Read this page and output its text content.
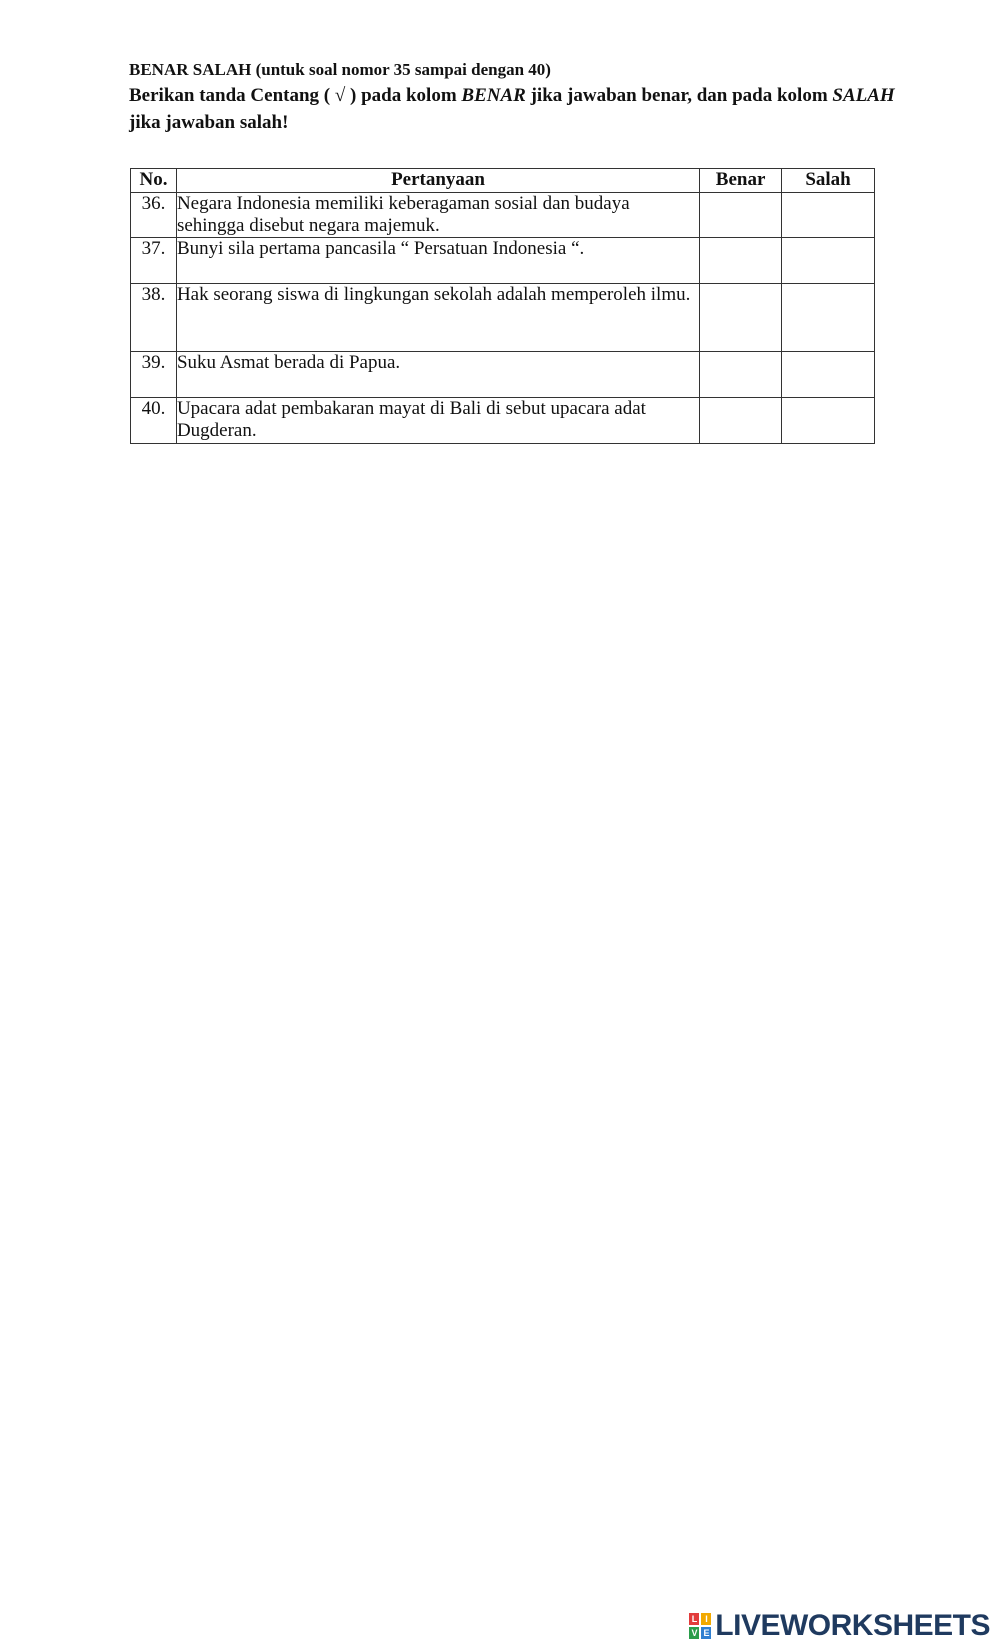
BENAR SALAH (untuk soal nomor 35 sampai dengan 40)
Berikan tanda Centang ( √ ) pada kolom BENAR jika jawaban benar, dan pada kolom SALAH jika jawaban salah!
No.	Pertanyaan	Benar	Salah
36.	Negara Indonesia memiliki keberagaman sosial dan budaya sehingga disebut negara majemuk.		
37.	Bunyi sila pertama pancasila “ Persatuan Indonesia “.		
38.	Hak seorang siswa di lingkungan sekolah adalah memperoleh ilmu.		
39.	Suku Asmat berada di Papua.		
40.	Upacara adat pembakaran mayat di Bali di sebut upacara adat Dugderan.		
L I
V E LIVEWORKSHEETS
